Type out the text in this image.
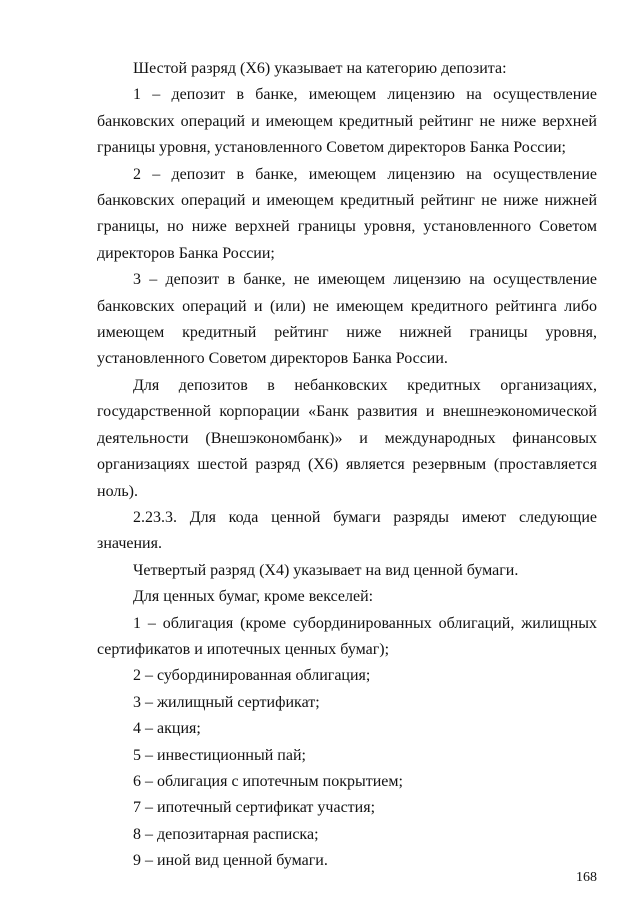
Шестой разряд (Х6) указывает на категорию депозита:

1 – депозит в банке, имеющем лицензию на осуществление банковских операций и имеющем кредитный рейтинг не ниже верхней границы уровня, установленного Советом директоров Банка России;

2 – депозит в банке, имеющем лицензию на осуществление банковских операций и имеющем кредитный рейтинг не ниже нижней границы, но ниже верхней границы уровня, установленного Советом директоров Банка России;

3 – депозит в банке, не имеющем лицензию на осуществление банковских операций и (или) не имеющем кредитного рейтинга либо имеющем кредитный рейтинг ниже нижней границы уровня, установленного Советом директоров Банка России.

Для депозитов в небанковских кредитных организациях, государственной корпорации «Банк развития и внешнеэкономической деятельности (Внешэкономбанк)» и международных финансовых организациях шестой разряд (Х6) является резервным (проставляется ноль).

2.23.3. Для кода ценной бумаги разряды имеют следующие значения.

Четвертый разряд (Х4) указывает на вид ценной бумаги.

Для ценных бумаг, кроме векселей:

1 – облигация (кроме субординированных облигаций, жилищных сертификатов и ипотечных ценных бумаг);

2 – субординированная облигация;

3 – жилищный сертификат;

4 – акция;

5 – инвестиционный пай;

6 – облигация с ипотечным покрытием;

7 – ипотечный сертификат участия;

8 – депозитарная расписка;

9 – иной вид ценной бумаги.

168
